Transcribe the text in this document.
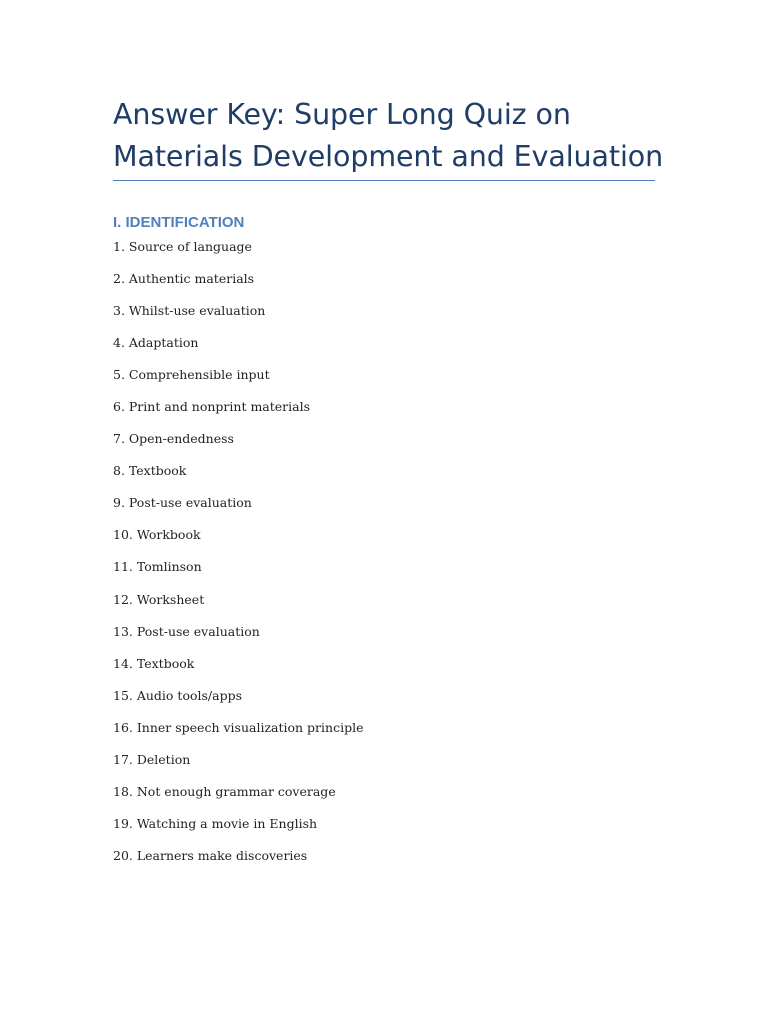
Answer Key: Super Long Quiz on
Materials Development and Evaluation
I. IDENTIFICATION
1. Source of language
2. Authentic materials
3. Whilst-use evaluation
4. Adaptation
5. Comprehensible input
6. Print and nonprint materials
7. Open-endedness
8. Textbook
9. Post-use evaluation
10. Workbook
11. Tomlinson
12. Worksheet
13. Post-use evaluation
14. Textbook
15. Audio tools/apps
16. Inner speech visualization principle
17. Deletion
18. Not enough grammar coverage
19. Watching a movie in English
20. Learners make discoveries
